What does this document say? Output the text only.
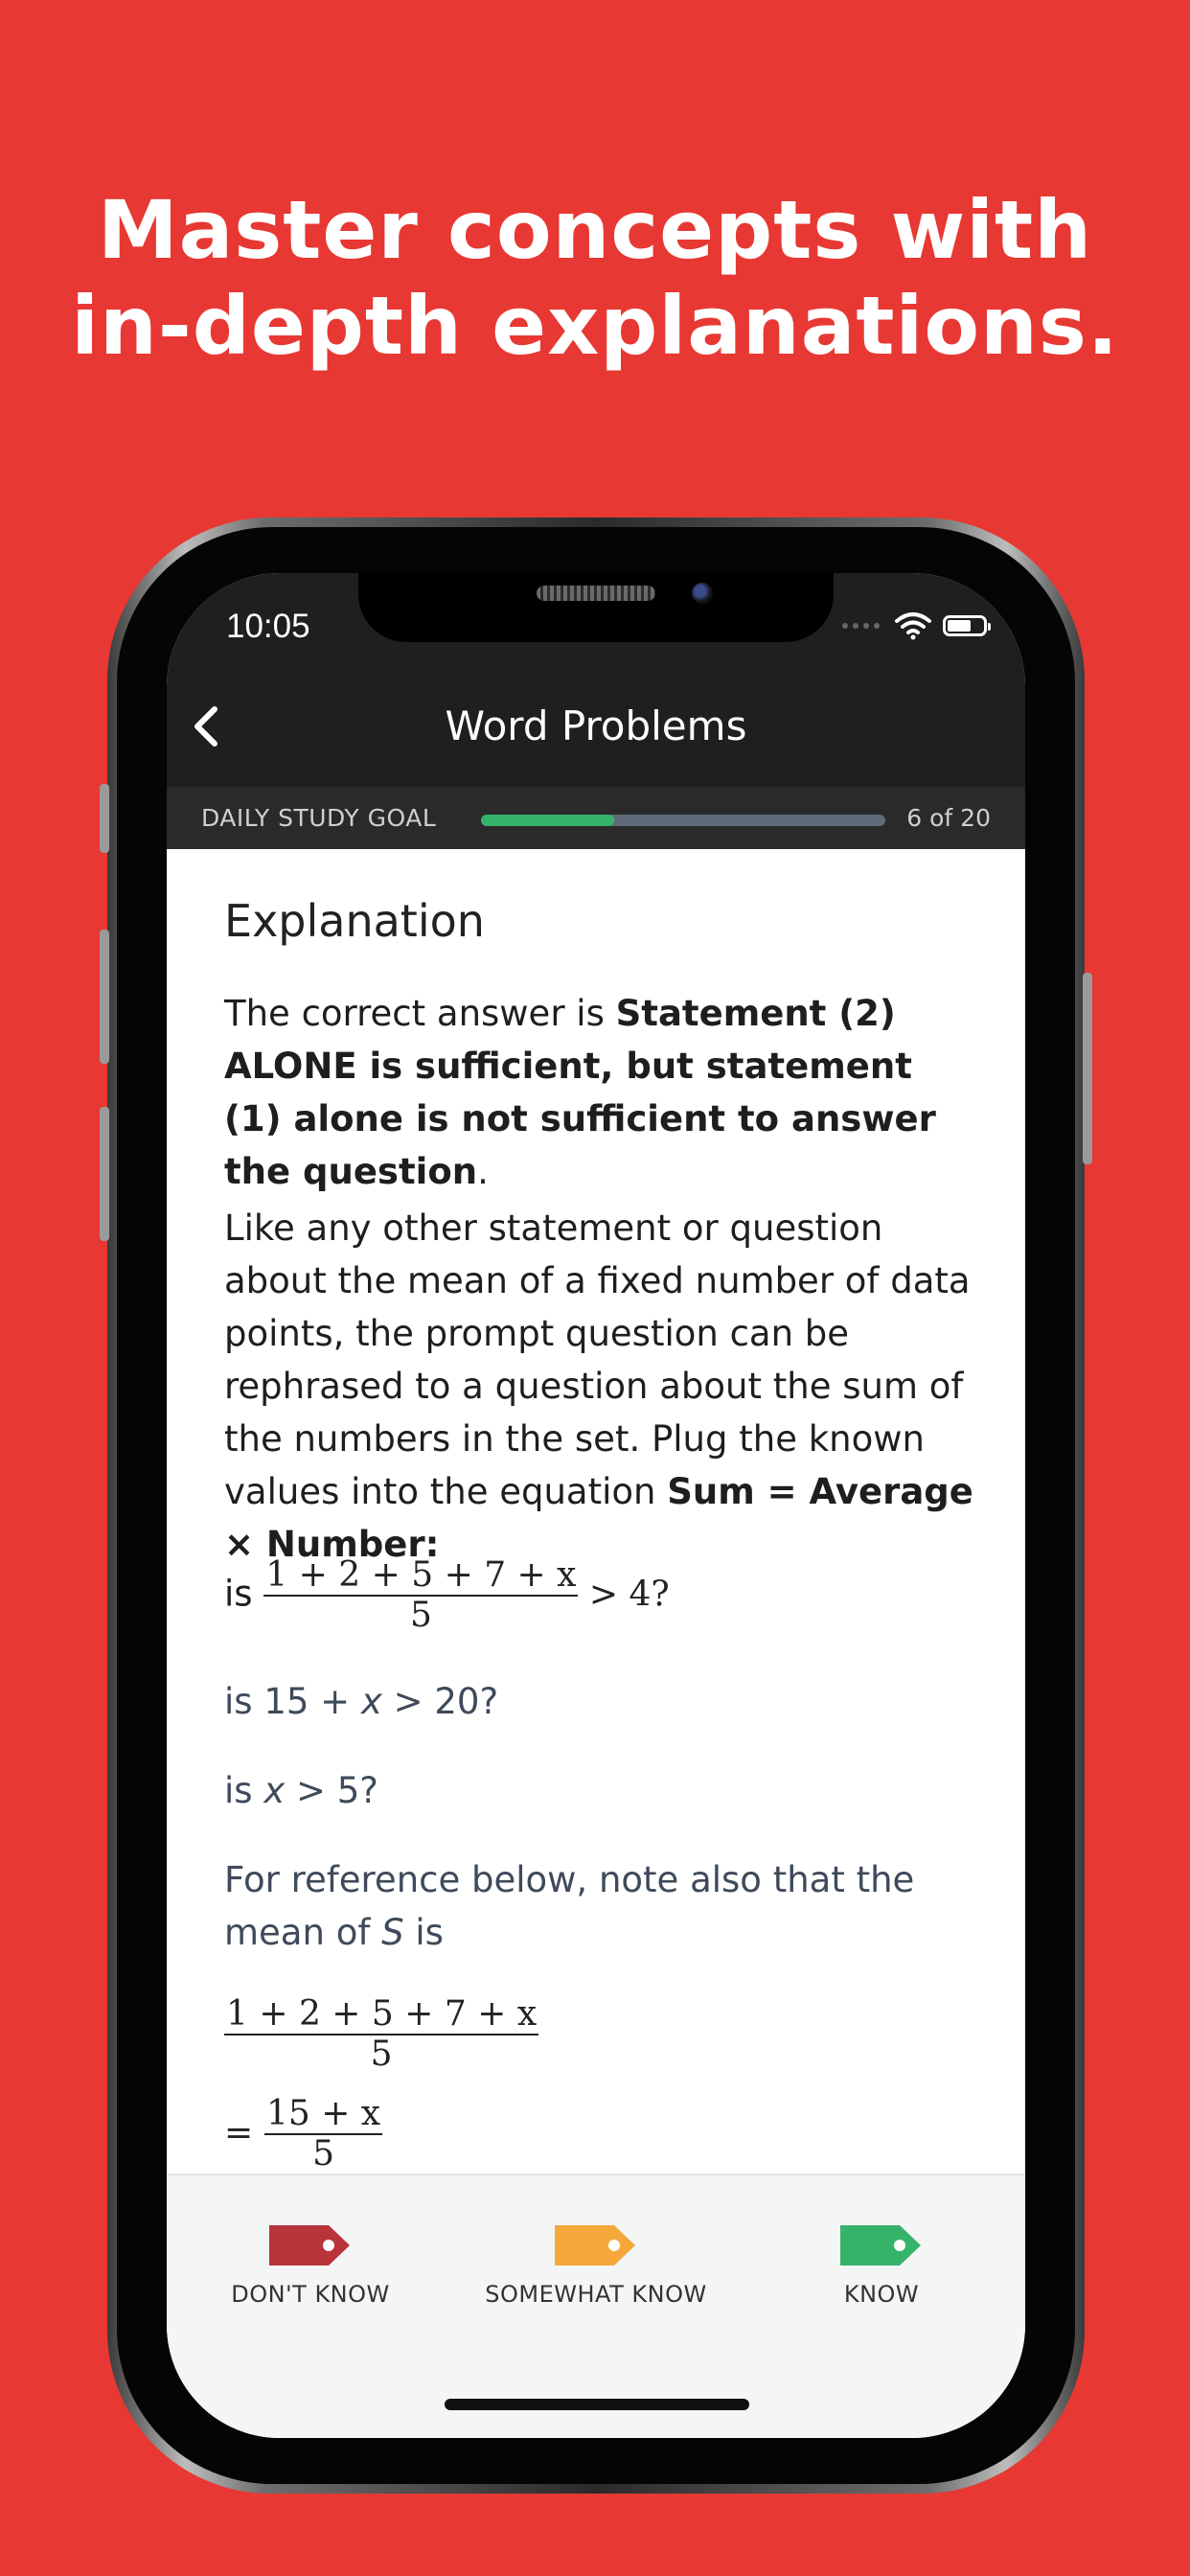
Master concepts with
in-depth explanations.
10:05
Word Problems
DAILY STUDY GOAL	6 of 20
Explanation
The correct answer is Statement (2) ALONE is sufficient, but statement (1) alone is not sufficient to answer the question.
Like any other statement or question about the mean of a fixed number of data points, the prompt question can be rephrased to a question about the sum of the numbers in the set. Plug the known values into the equation Sum = Average × Number:
is $\frac{1 + 2 + 5 + 7 + x}{5} > 4$?
is 15 + x > 20?
is x > 5?
For reference below, note also that the mean of S is
$\frac{1 + 2 + 5 + 7 + x}{5}$
= $\frac{15 + x}{5}$
DON'T KNOW	SOMEWHAT KNOW	KNOW
